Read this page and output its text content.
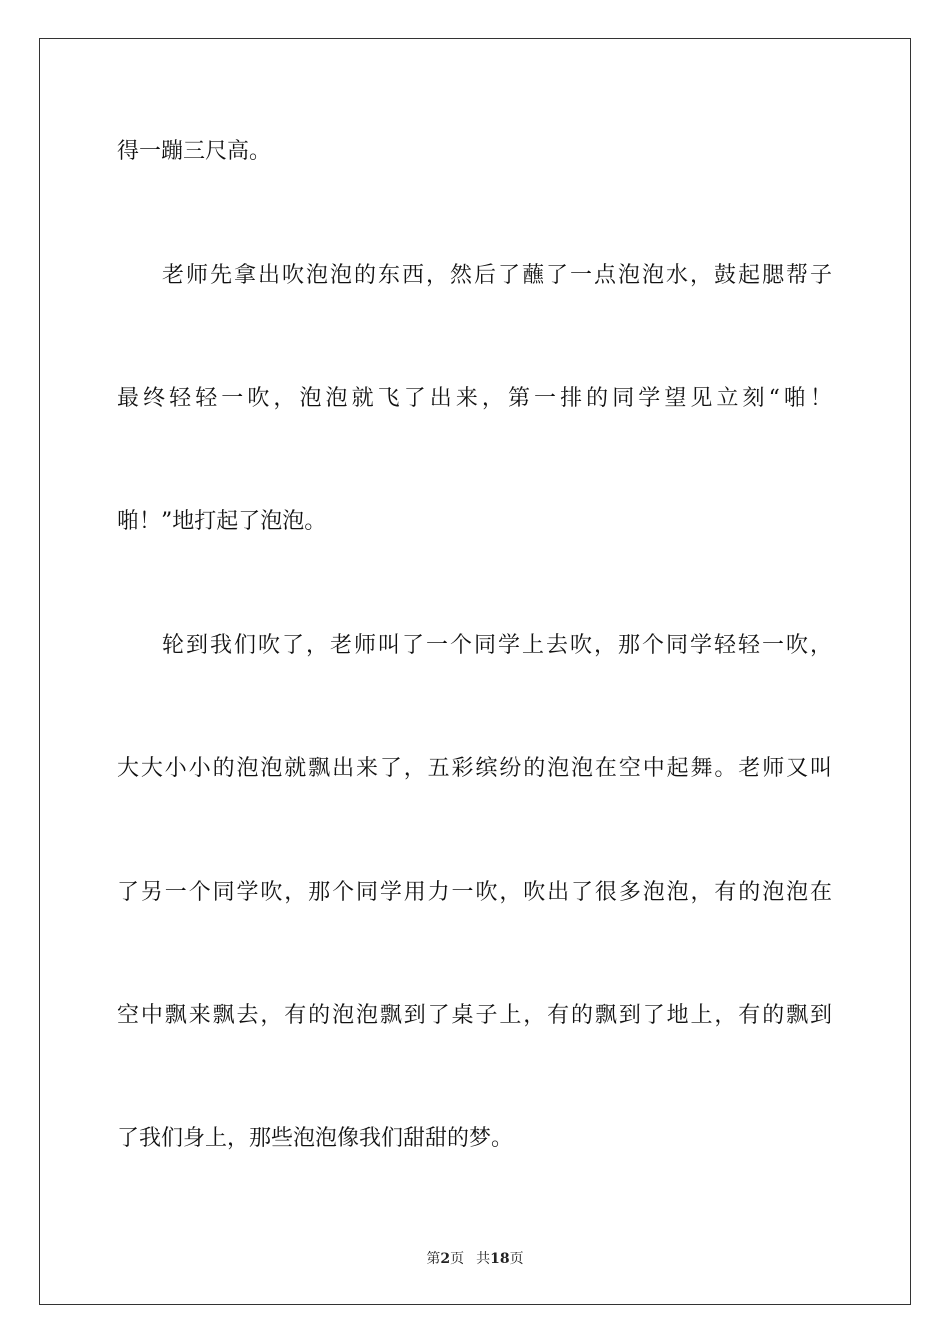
得一蹦三尺高。
老师先拿出吹泡泡的东西，然后了蘸了一点泡泡水，鼓起腮帮子
最终轻轻一吹，泡泡就飞了出来，第一排的同学望见立刻“啪！
啪！”地打起了泡泡。
轮到我们吹了，老师叫了一个同学上去吹，那个同学轻轻一吹，
大大小小的泡泡就飘出来了，五彩缤纷的泡泡在空中起舞。老师又叫
了另一个同学吹，那个同学用力一吹，吹出了很多泡泡，有的泡泡在
空中飘来飘去，有的泡泡飘到了桌子上，有的飘到了地上，有的飘到
了我们身上，那些泡泡像我们甜甜的梦。
第2页 共18页
